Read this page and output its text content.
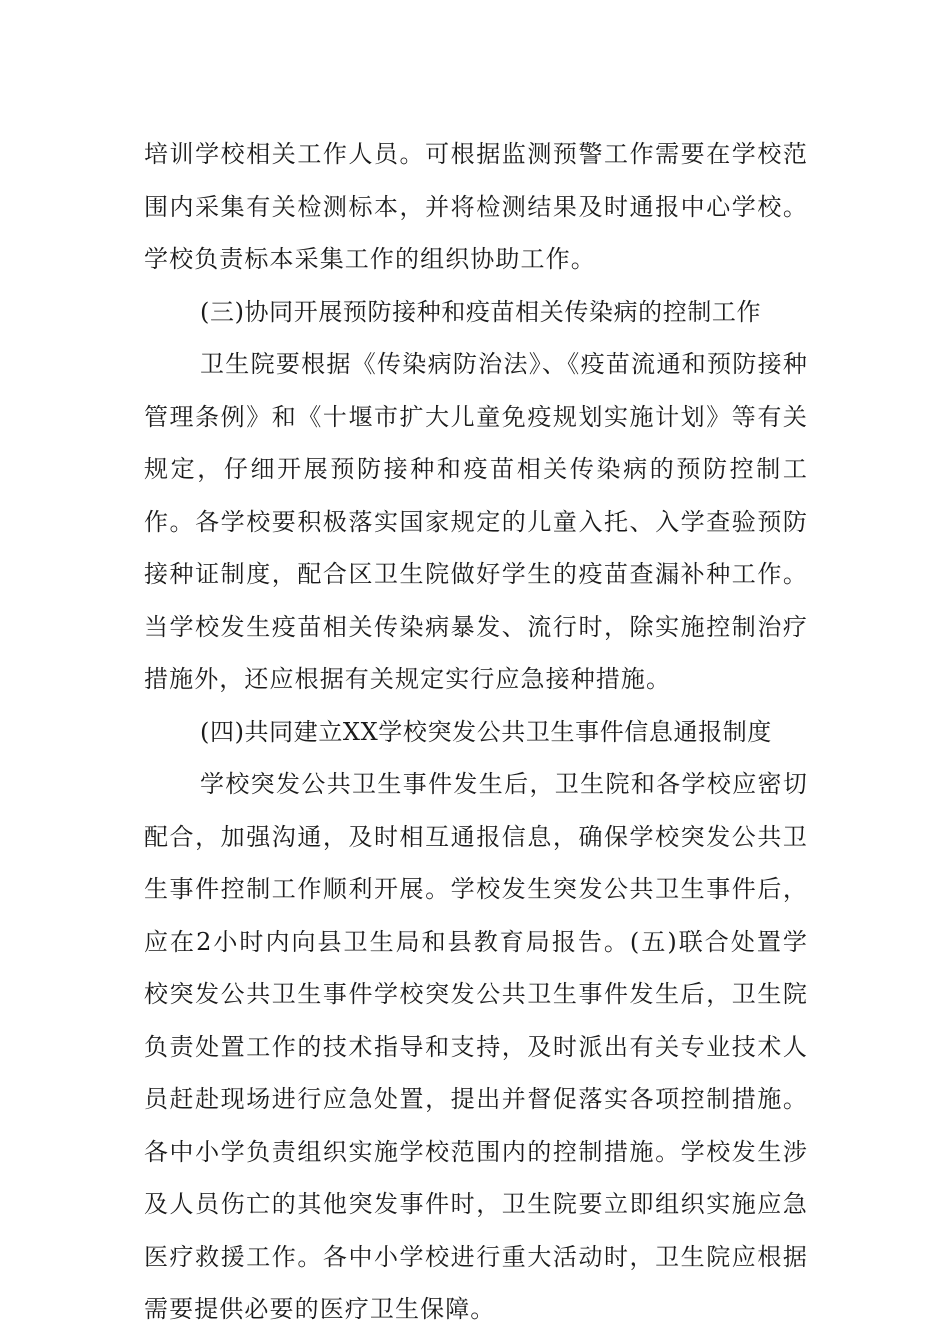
培训学校相关工作人员。可根据监测预警工作需要在学校范围内采集有关检测标本，并将检测结果及时通报中心学校。学校负责标本采集工作的组织协助工作。

(三)协同开展预防接种和疫苗相关传染病的控制工作

卫生院要根据《传染病防治法》、《疫苗流通和预防接种管理条例》和《十堰市扩大儿童免疫规划实施计划》等有关规定，仔细开展预防接种和疫苗相关传染病的预防控制工作。各学校要积极落实国家规定的儿童入托、入学查验预防接种证制度，配合区卫生院做好学生的疫苗查漏补种工作。当学校发生疫苗相关传染病暴发、流行时，除实施控制治疗措施外，还应根据有关规定实行应急接种措施。

(四)共同建立XX学校突发公共卫生事件信息通报制度

学校突发公共卫生事件发生后，卫生院和各学校应密切配合，加强沟通，及时相互通报信息，确保学校突发公共卫生事件控制工作顺利开展。学校发生突发公共卫生事件后，应在2小时内向县卫生局和县教育局报告。(五)联合处置学校突发公共卫生事件学校突发公共卫生事件发生后，卫生院负责处置工作的技术指导和支持，及时派出有关专业技术人员赶赴现场进行应急处置，提出并督促落实各项控制措施。各中小学负责组织实施学校范围内的控制措施。学校发生涉及人员伤亡的其他突发事件时，卫生院要立即组织实施应急医疗救援工作。各中小学校进行重大活动时，卫生院应根据需要提供必要的医疗卫生保障。
